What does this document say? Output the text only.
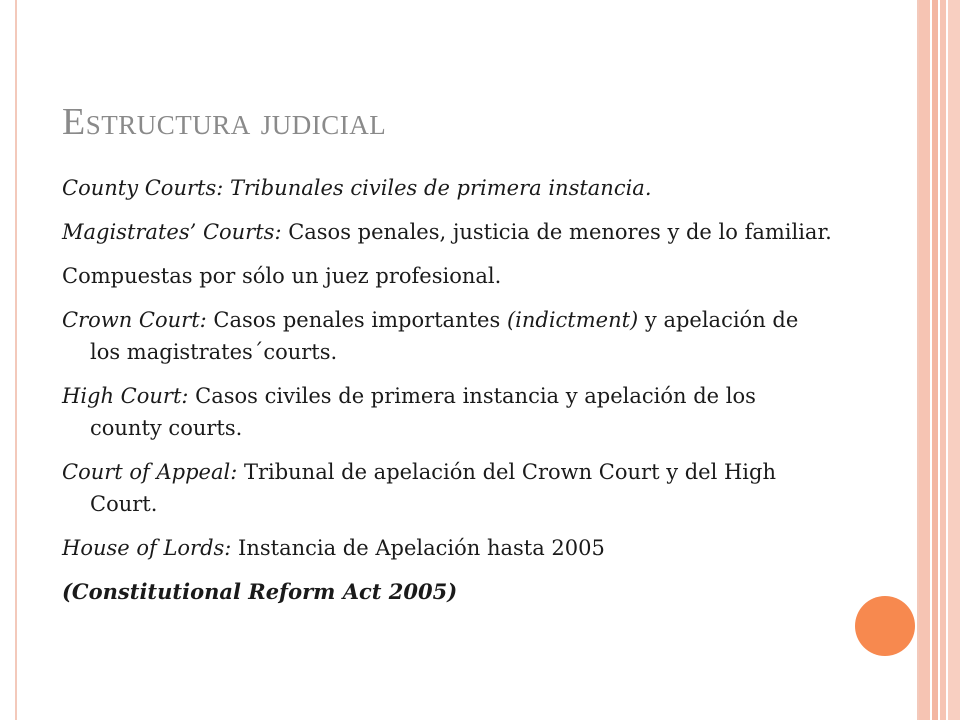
Estructura judicial

County Courts: Tribunales civiles de primera instancia.

Magistrates’ Courts: Casos penales, justicia de menores y de lo familiar.

Compuestas por sólo un juez profesional.

Crown Court: Casos penales importantes (indictment) y apelación de los magistrates´courts.

High Court: Casos civiles de primera instancia y apelación de los county courts.

Court of Appeal: Tribunal de apelación del Crown Court y del High Court.

House of Lords: Instancia de Apelación hasta 2005

(Constitutional Reform Act 2005)
